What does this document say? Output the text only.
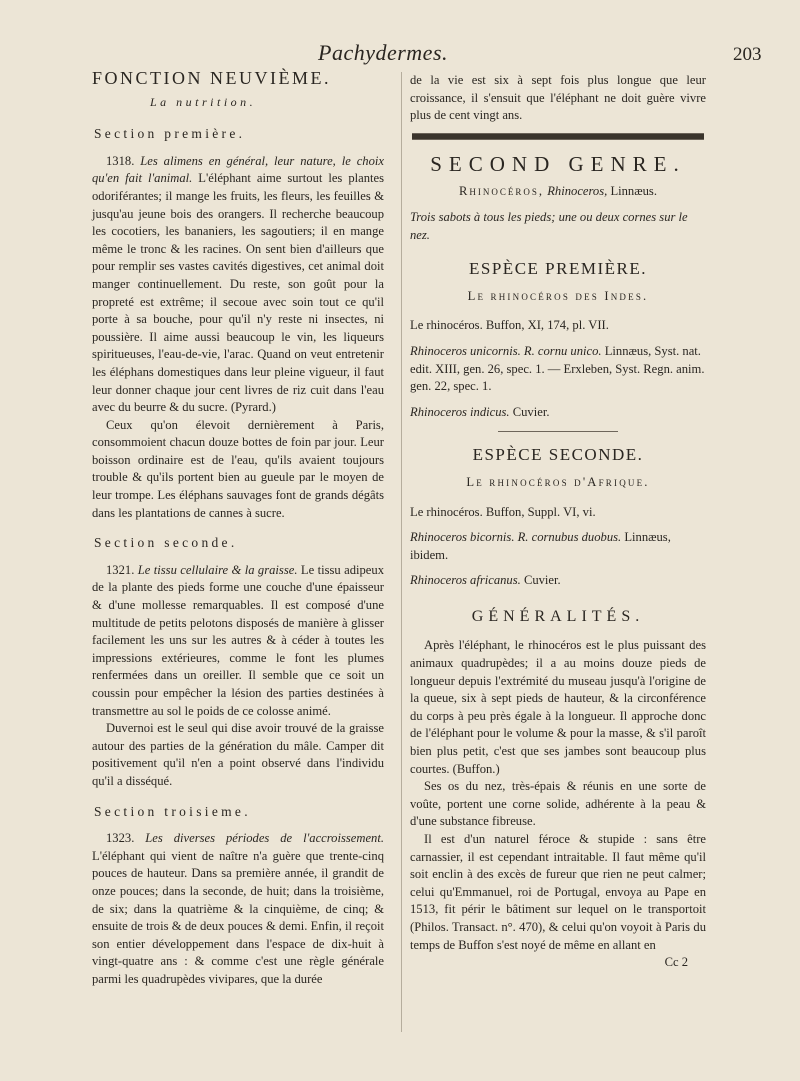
Pachydermes.	203
FONCTION NEUVIÈME.
La nutrition.
Section première.

1318. Les alimens en général, leur nature, le choix qu'en fait l'animal. L'éléphant aime surtout les plantes odoriférantes; il mange les fruits, les fleurs, les feuilles & jusqu'au jeune bois des orangers. Il recherche beaucoup les cocotiers, les bananiers, les sagoutiers; il en mange même le tronc & les racines. On sent bien d'ailleurs que pour remplir ses vastes cavités digestives, cet animal doit manger continuellement. Du reste, son goût pour la propreté est extrême; il secoue avec soin tout ce qu'il porte à sa bouche, pour qu'il n'y reste ni insectes, ni poussière. Il aime aussi beaucoup le vin, les liqueurs spiritueuses, l'eau-de-vie, l'arac. Quand on veut entretenir les éléphans domestiques dans leur pleine vigueur, il faut leur donner chaque jour cent livres de riz cuit dans l'eau avec du beurre & du sucre. (Pyrard.)

Ceux qu'on élevoit dernièrement à Paris, consommoient chacun douze bottes de foin par jour. Leur boisson ordinaire est de l'eau, qu'ils avaient toujours trouble & qu'ils portent bien au gueule par le moyen de leur trompe. Les éléphans sauvages font de grands dégâts dans les plantations de cannes à sucre.

Section seconde.

1321. Le tissu cellulaire & la graisse. Le tissu adipeux de la plante des pieds forme une couche d'une épaisseur & d'une mollesse remarquables. Il est composé d'une multitude de petits pelotons disposés de manière à glisser facilement les uns sur les autres & à céder à toutes les impressions extérieures, comme le font les plumes renfermées dans un oreiller. Il semble que ce soit un coussin pour empêcher la lésion des parties destinées à transmettre au sol le poids de ce colosse animé.

Duvernoi est le seul qui dise avoir trouvé de la graisse autour des parties de la génération du mâle. Camper dit positivement qu'il n'en a point observé dans l'individu qu'il a disséqué.

Section troisieme.

1323. Les diverses périodes de l'accroissement. L'éléphant qui vient de naître n'a guère que trente-cinq pouces de hauteur. Dans sa première année, il grandit de onze pouces; dans la seconde, de huit; dans la troisième, de six; dans la quatrième & la cinquième, de cinq; & ensuite de trois & de deux pouces & demi. Enfin, il reçoit son entier développement dans l'espace de dix-huit à vingt-quatre ans : & comme c'est une règle générale parmi les quadrupèdes vivipares, que la durée

de la vie est six à sept fois plus longue que leur croissance, il s'ensuit que l'éléphant ne doit guère vivre plus de cent vingt ans.

SECOND GENRE.

Rhinocéros, Rhinoceros, Linnæus.

Trois sabots à tous les pieds; une ou deux cornes sur le nez.

ESPÈCE PREMIÈRE.
Le rhinocéros des Indes.

Le rhinocéros. Buffon, XI, 174, pl. VII.

Rhinoceros unicornis. R. cornu unico. Linnæus, Syst. nat. edit. XIII, gen. 26, spec. 1. — Erxleben, Syst. Regn. anim. gen. 22, spec. 1.

Rhinoceros indicus. Cuvier.

ESPÈCE SECONDE.
Le rhinocéros d'Afrique.

Le rhinocéros. Buffon, Suppl. VI, vi.

Rhinoceros bicornis. R. cornubus duobus. Linnæus, ibidem.

Rhinoceros africanus. Cuvier.

GÉNÉRALITÉS.

Après l'éléphant, le rhinocéros est le plus puissant des animaux quadrupèdes; il a au moins douze pieds de longueur depuis l'extrémité du museau jusqu'à l'origine de la queue, six à sept pieds de hauteur, & la circonférence du corps à peu près égale à la longueur. Il approche donc de l'éléphant pour le volume & pour la masse, & s'il paroît bien plus petit, c'est que ses jambes sont beaucoup plus courtes. (Buffon.)

Ses os du nez, très-épais & réunis en une sorte de voûte, portent une corne solide, adhérente à la peau & d'une substance fibreuse.

Il est d'un naturel féroce & stupide : sans être carnassier, il est cependant intraitable. Il faut même qu'il soit enclin à des excès de fureur que rien ne peut calmer; celui qu'Emmanuel, roi de Portugal, envoya au Pape en 1513, fit périr le bâtiment sur lequel on le transportoit (Philos. Transact. n°. 470), & celui qu'on voyoit à Paris du temps de Buffon s'est noyé de même en allant en

Cc 2
